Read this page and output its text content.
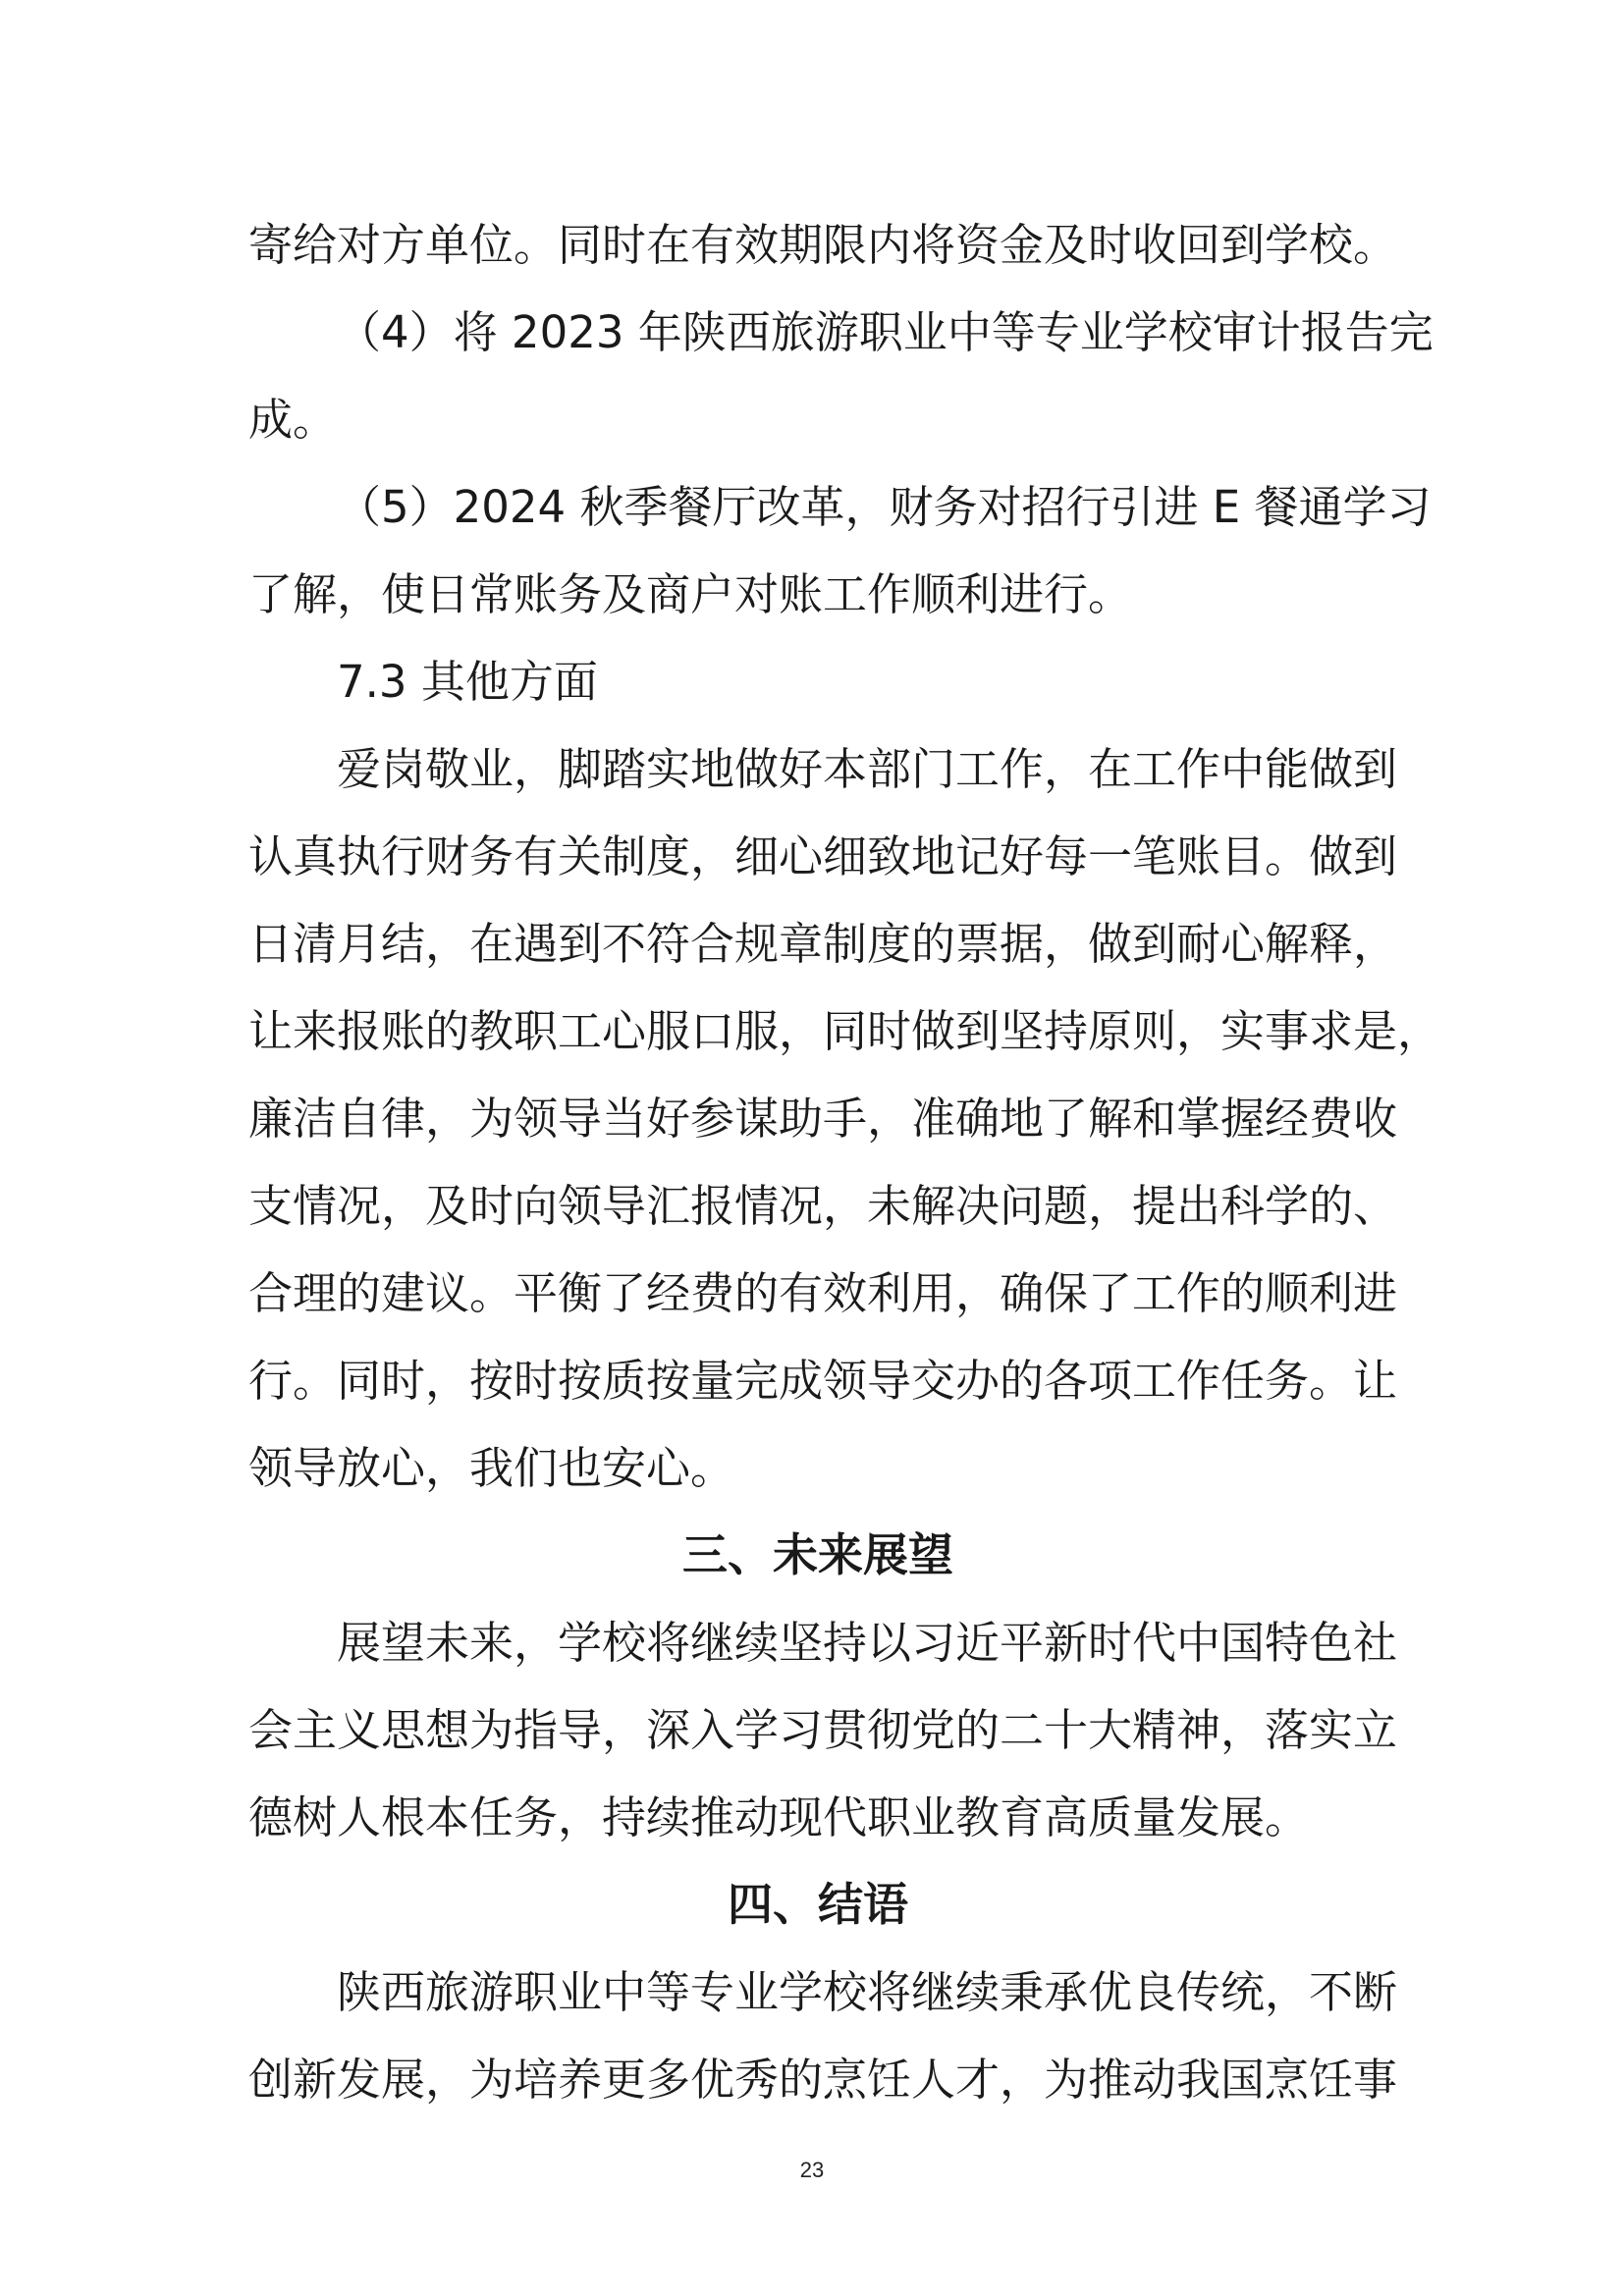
寄给对方单位。同时在有效期限内将资金及时收回到学校。
（4）将 2023 年陕西旅游职业中等专业学校审计报告完
成。
（5）2024 秋季餐厅改革，财务对招行引进 E 餐通学习
了解，使日常账务及商户对账工作顺利进行。
7.3 其他方面
爱岗敬业，脚踏实地做好本部门工作，在工作中能做到
认真执行财务有关制度，细心细致地记好每一笔账目。做到
日清月结，在遇到不符合规章制度的票据，做到耐心解释，
让来报账的教职工心服口服，同时做到坚持原则，实事求是，
廉洁自律，为领导当好参谋助手，准确地了解和掌握经费收
支情况，及时向领导汇报情况，未解决问题，提出科学的、
合理的建议。平衡了经费的有效利用，确保了工作的顺利进
行。同时，按时按质按量完成领导交办的各项工作任务。让
领导放心，我们也安心。
三、未来展望
展望未来，学校将继续坚持以习近平新时代中国特色社
会主义思想为指导，深入学习贯彻党的二十大精神，落实立
德树人根本任务，持续推动现代职业教育高质量发展。
四、结语
陕西旅游职业中等专业学校将继续秉承优良传统，不断
创新发展，为培养更多优秀的烹饪人才，为推动我国烹饪事
23
